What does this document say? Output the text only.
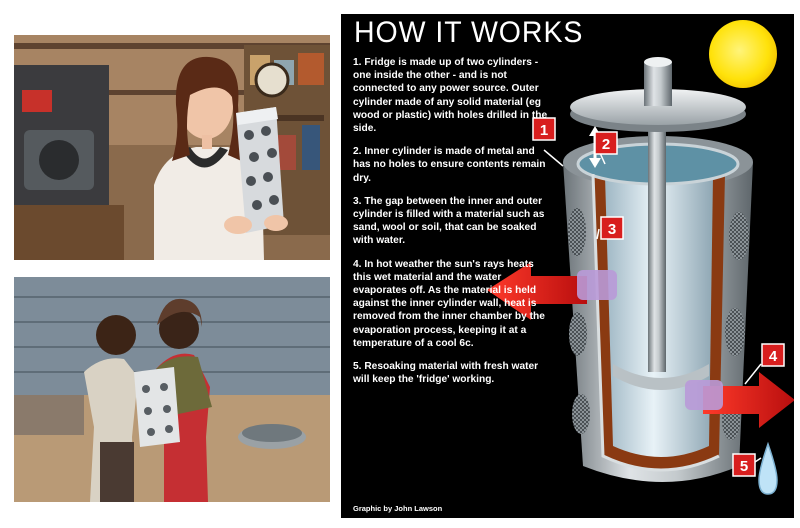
1
2
3
4
5
HOW IT WORKS
1. Fridge is made up of two cylinders - one inside the other - and is not connected to any power source. Outer cylinder made of any solid material (eg wood or plastic) with holes drilled in the side.
2. Inner cylinder is made of metal and has no holes to ensure contents remain dry.
3. The gap between the inner and outer cylinder is filled with a material such as sand, wool or soil, that can be soaked with water.
4. In hot weather the sun's rays heats this wet material and the water evaporates off. As the material is held against the inner cylinder wall, heat is removed from the inner chamber by the evaporation process, keeping it at a temperature of a cool 6c.
5. Resoaking material with fresh water will keep the 'fridge' working.
Graphic by John Lawson
